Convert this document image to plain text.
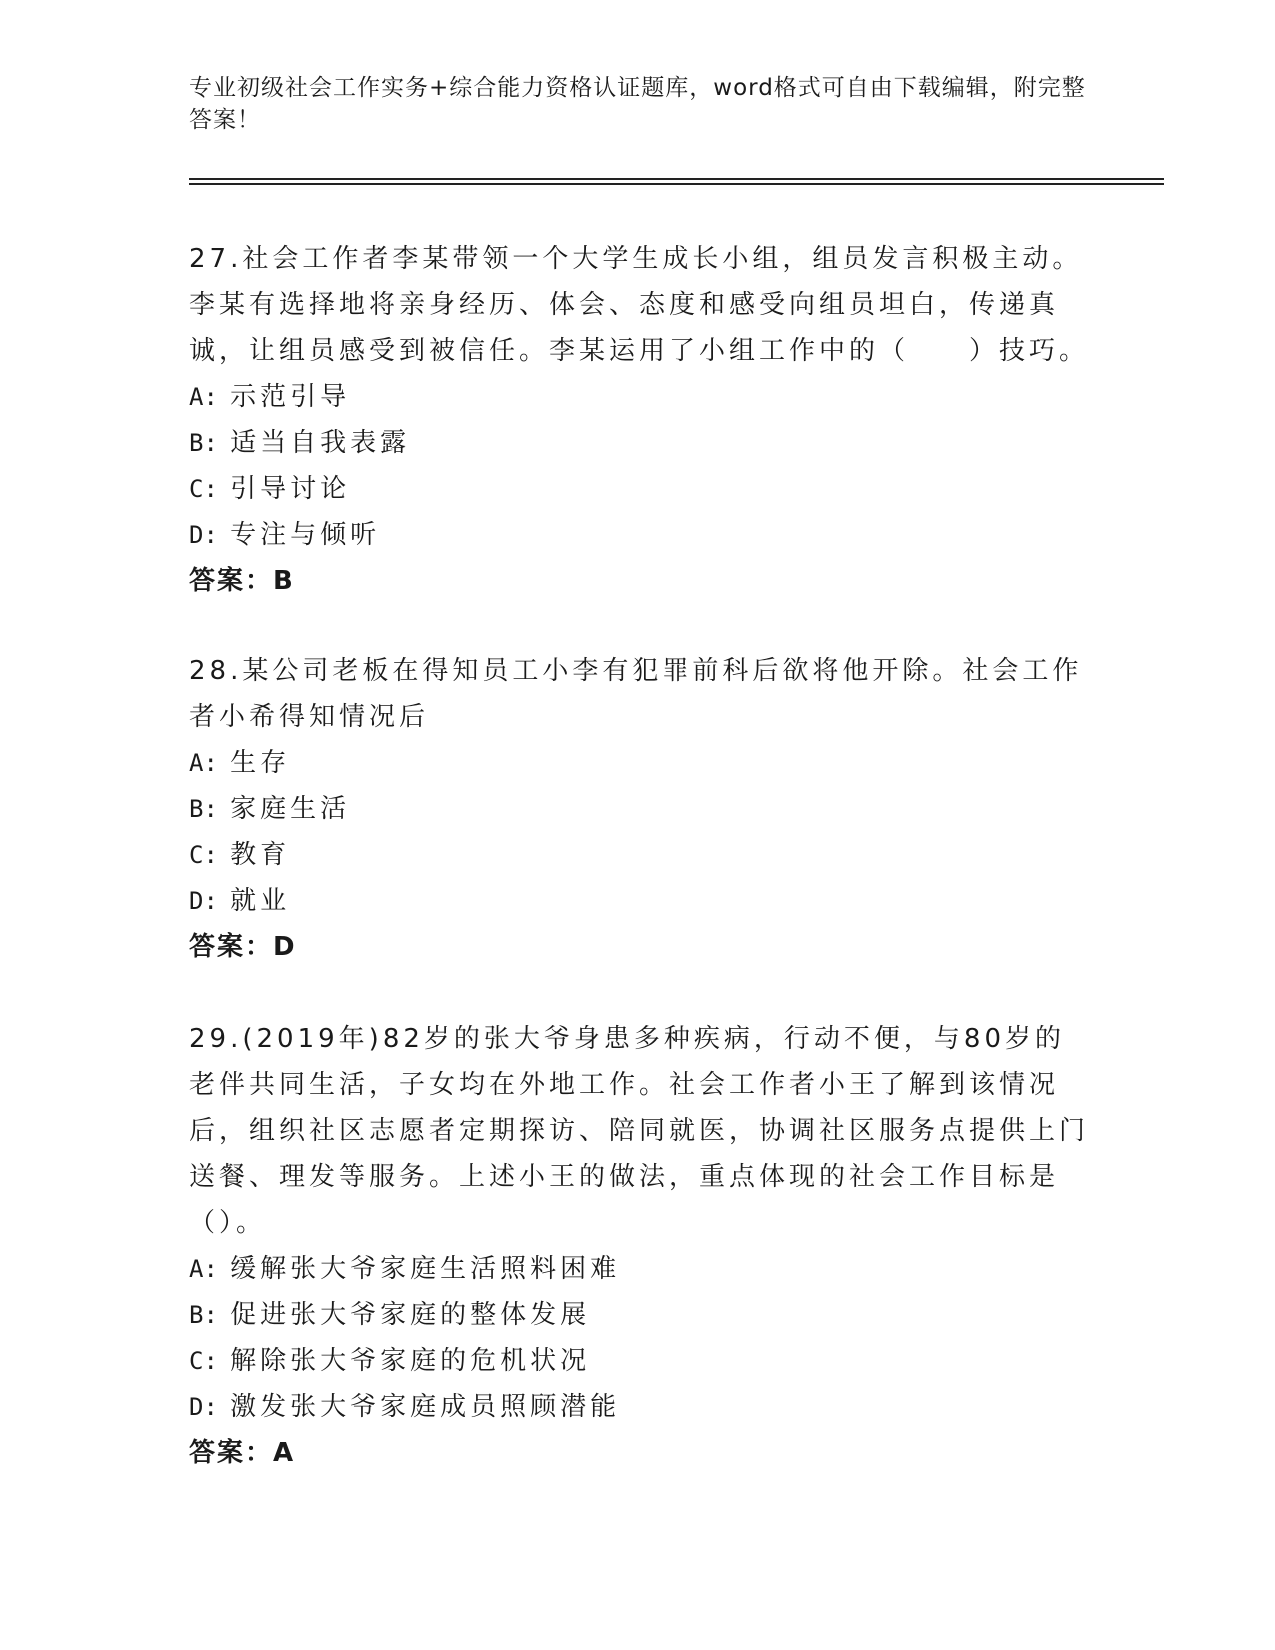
专业初级社会工作实务+综合能力资格认证题库，word格式可自由下载编辑，附完整答案！
27.社会工作者李某带领一个大学生成长小组，组员发言积极主动。李某有选择地将亲身经历、体会、态度和感受向组员坦白，传递真诚，让组员感受到被信任。李某运用了小组工作中的（　　）技巧。
A: 示范引导
B: 适当自我表露
C: 引导讨论
D: 专注与倾听
答案：B
28.某公司老板在得知员工小李有犯罪前科后欲将他开除。社会工作者小希得知情况后
A: 生存
B: 家庭生活
C: 教育
D: 就业
答案：D
29.(2019年)82岁的张大爷身患多种疾病，行动不便，与80岁的老伴共同生活，子女均在外地工作。社会工作者小王了解到该情况后，组织社区志愿者定期探访、陪同就医，协调社区服务点提供上门送餐、理发等服务。上述小王的做法，重点体现的社会工作目标是（）。
A: 缓解张大爷家庭生活照料困难
B: 促进张大爷家庭的整体发展
C: 解除张大爷家庭的危机状况
D: 激发张大爷家庭成员照顾潜能
答案：A
